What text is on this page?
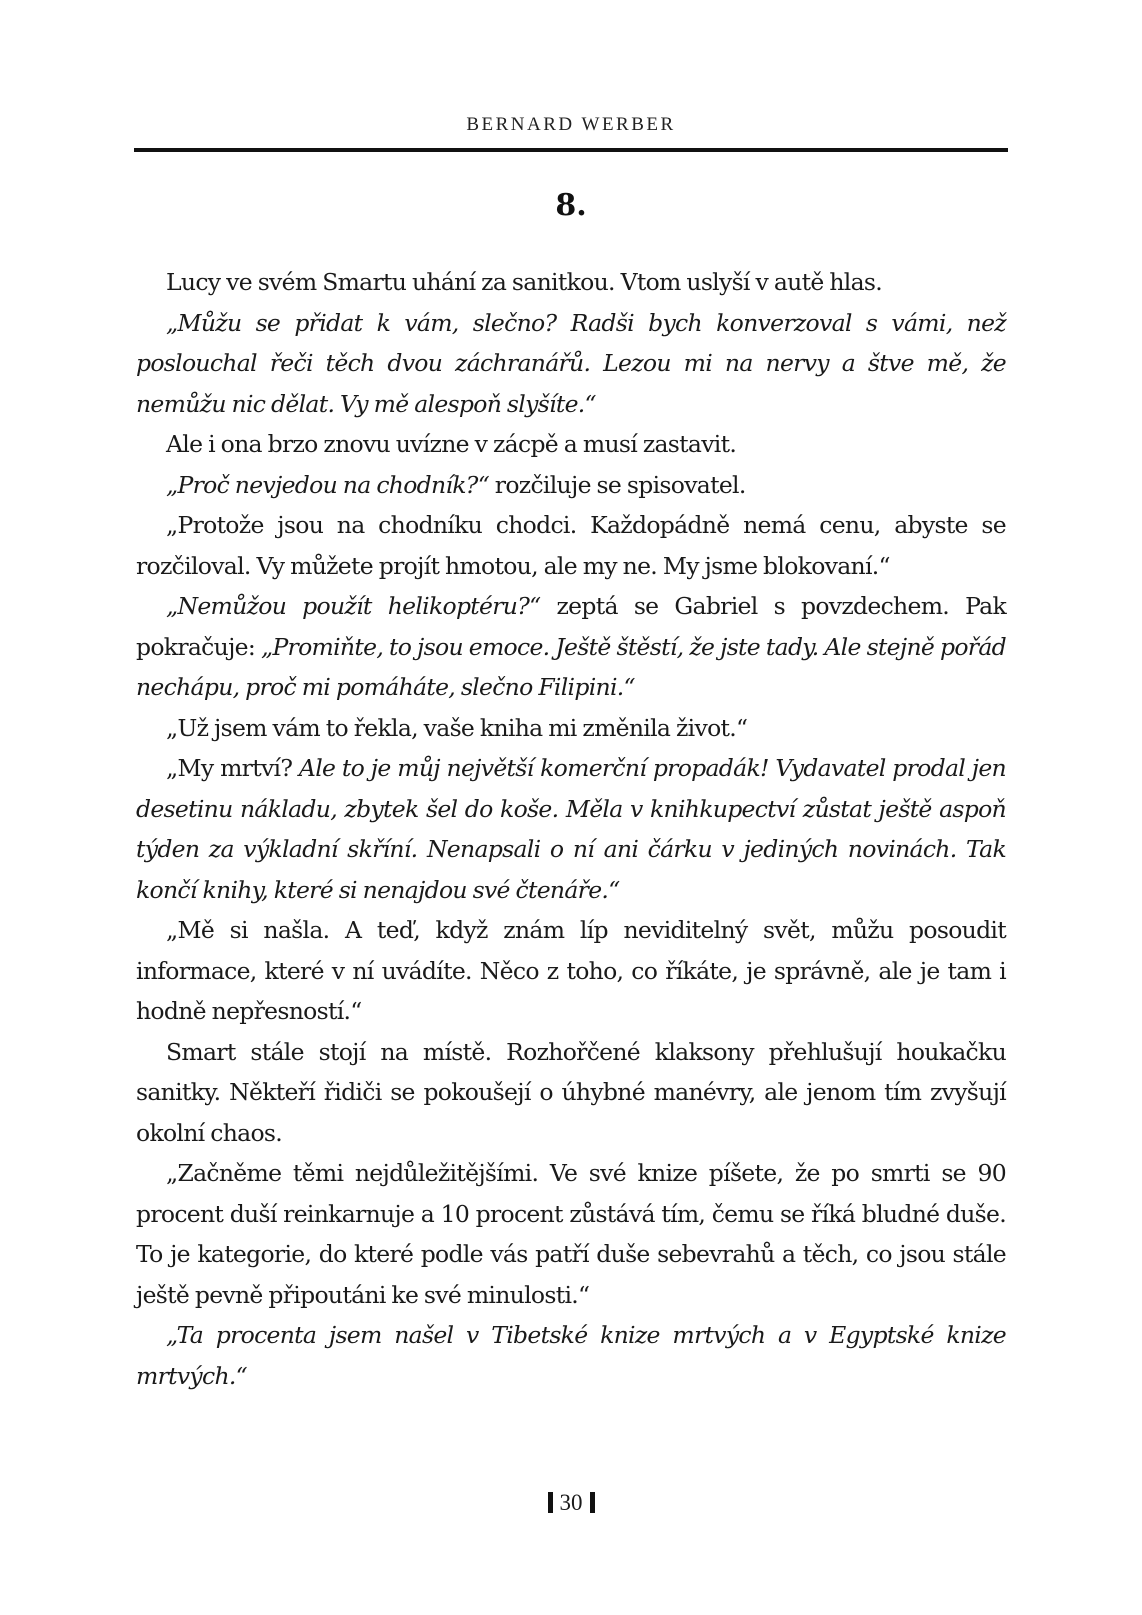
BERNARD WERBER
8.

Lucy ve svém Smartu uhání za sanitkou. Vtom uslyší v autě hlas.

„Můžu se přidat k vám, slečno? Radši bych konverzoval s vámi, než poslouchal řeči těch dvou záchranářů. Lezou mi na nervy a štve mě, že nemůžu nic dělat. Vy mě alespoň slyšíte.“

Ale i ona brzo znovu uvízne v zácpě a musí zastavit.

„Proč nevjedou na chodník?“ rozčiluje se spisovatel.

„Protože jsou na chodníku chodci. Každopádně nemá cenu, abyste se rozčiloval. Vy můžete projít hmotou, ale my ne. My jsme blokovaní.“

„Nemůžou použít helikoptéru?“ zeptá se Gabriel s povzdechem. Pak pokračuje: „Promiňte, to jsou emoce. Ještě štěstí, že jste tady. Ale stejně pořád nechápu, proč mi pomáháte, slečno Filipini.“

„Už jsem vám to řekla, vaše kniha mi změnila život.“

„My mrtví? Ale to je můj největší komerční propadák! Vydavatel prodal jen desetinu nákladu, zbytek šel do koše. Měla v knihkupectví zůstat ještě aspoň týden za výkladní skříní. Nenapsali o ní ani čárku v jediných novinách. Tak končí knihy, které si nenajdou své čtenáře.“

„Mě si našla. A teď, když znám líp neviditelný svět, můžu posoudit informace, které v ní uvádíte. Něco z toho, co říkáte, je správně, ale je tam i hodně nepřesností.“

Smart stále stojí na místě. Rozhořčené klaksony přehlušují houkačku sanitky. Někteří řidiči se pokoušejí o úhybné manévry, ale jenom tím zvyšují okolní chaos.

„Začněme těmi nejdůležitějšími. Ve své knize píšete, že po smrti se 90 procent duší reinkarnuje a 10 procent zůstává tím, čemu se říká bludné duše. To je kategorie, do které podle vás patří duše sebevrahů a těch, co jsou stále ještě pevně připoutáni ke své minulosti.“

„Ta procenta jsem našel v Tibetské knize mrtvých a v Egyptské knize mrtvých.“

30
